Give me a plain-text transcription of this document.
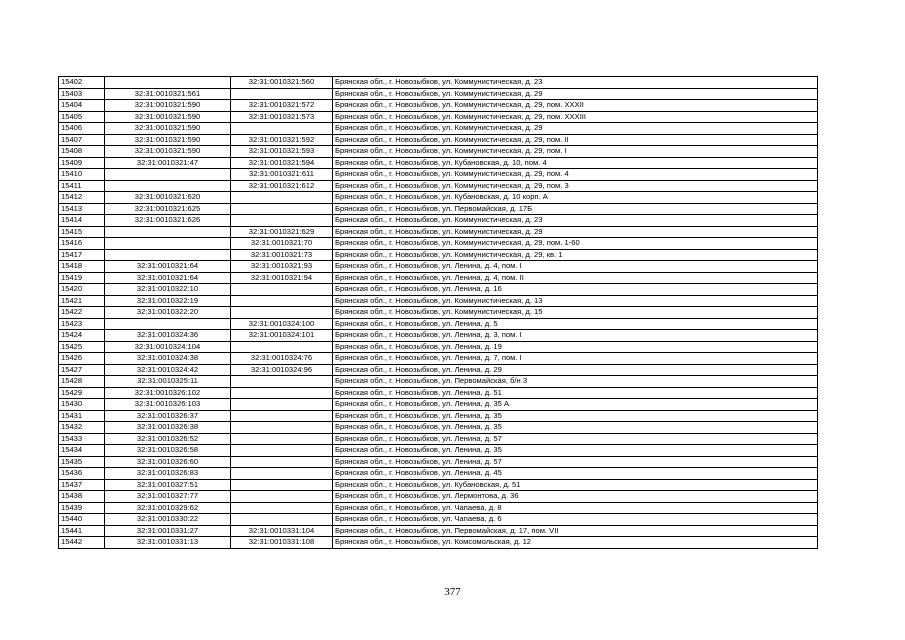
15402		32:31:0010321:560	Брянская обл., г. Новозыбков, ул. Коммунистическая, д. 23
15403	32:31:0010321:561		Брянская обл., г. Новозыбков, ул. Коммунистическая, д. 29
15404	32:31:0010321:590	32:31:0010321:572	Брянская обл., г. Новозыбков, ул. Коммунистическая, д. 29, пом. XXXII
15405	32:31:0010321:590	32:31:0010321:573	Брянская обл., г. Новозыбков, ул. Коммунистическая, д. 29, пом. XXXIII
15406	32:31:0010321:590		Брянская обл., г. Новозыбков, ул. Коммунистическая, д. 29
15407	32:31:0010321:590	32:31:0010321:592	Брянская обл., г. Новозыбков, ул. Коммунистическая, д. 29, пом. II
15408	32:31:0010321:590	32:31:0010321:593	Брянская обл., г. Новозыбков, ул. Коммунистическая, д. 29, пом. I
15409	32:31:0010321:47	32:31:0010321:594	Брянская обл., г. Новозыбков, ул. Кубановская, д. 10, пом. 4
15410		32:31:0010321:611	Брянская обл., г. Новозыбков, ул. Коммунистическая, д. 29, пом. 4
15411		32:31:0010321:612	Брянская обл., г. Новозыбков, ул. Коммунистическая, д. 29, пом. 3
15412	32:31:0010321:620		Брянская обл., г. Новозыбков, ул. Кубановская, д. 10 корп. А
15413	32:31:0010321:625		Брянская обл., г. Новозыбков, ул. Первомайская, д. 17Б
15414	32:31:0010321:626		Брянская обл., г. Новозыбков, ул. Коммунистическая, д. 23
15415		32:31:0010321:629	Брянская обл., г. Новозыбков, ул. Коммунистическая, д. 29
15416		32:31:0010321:70	Брянская обл., г. Новозыбков, ул. Коммунистическая, д. 29, пом. 1-60
15417		32:31:0010321:73	Брянская обл., г. Новозыбков, ул. Коммунистическая, д. 29, кв. 1
15418	32:31:0010321:64	32:31:0010321:93	Брянская обл., г. Новозыбков, ул. Ленина, д. 4, пом. I
15419	32:31:0010321:64	32:31:0010321:94	Брянская обл., г. Новозыбков, ул. Ленина, д. 4, пом. II
15420	32:31:0010322:10		Брянская обл., г. Новозыбков, ул. Ленина, д. 16
15421	32:31:0010322:19		Брянская обл., г. Новозыбков, ул. Коммунистическая, д. 13
15422	32:31:0010322:20		Брянская обл., г. Новозыбков, ул. Коммунистическая, д. 15
15423		32:31:0010324:100	Брянская обл., г. Новозыбков, ул. Ленина, д. 5
15424	32:31:0010324:36	32:31:0010324:101	Брянская обл., г. Новозыбков, ул. Ленина, д. 3, пом. I
15425	32:31:0010324:104		Брянская обл., г. Новозыбков, ул. Ленина, д. 19
15426	32:31:0010324:38	32:31:0010324:76	Брянская обл., г. Новозыбков, ул. Ленина, д. 7, пом. I
15427	32:31:0010324:42	32:31:0010324:96	Брянская обл., г. Новозыбков, ул. Ленина, д. 29
15428	32:31:0010325:11		Брянская обл., г. Новозыбков, ул. Первомайская, б/н 3
15429	32:31:0010326:102		Брянская обл., г. Новозыбков, ул. Ленина, д. 51
15430	32:31:0010326:103		Брянская обл., г. Новозыбков, ул. Ленина, д. 35 А
15431	32:31:0010326:37		Брянская обл., г. Новозыбков, ул. Ленина, д. 35
15432	32:31:0010326:38		Брянская обл., г. Новозыбков, ул. Ленина, д. 35
15433	32:31:0010326:52		Брянская обл., г. Новозыбков, ул. Ленина, д. 57
15434	32:31:0010326:58		Брянская обл., г. Новозыбков, ул. Ленина, д. 35
15435	32:31:0010326:60		Брянская обл., г. Новозыбков, ул. Ленина, д. 57
15436	32:31:0010326:83		Брянская обл., г. Новозыбков, ул. Ленина, д. 45
15437	32:31:0010327:51		Брянская обл., г. Новозыбков, ул. Кубановская, д. 51
15438	32:31:0010327:77		Брянская обл., г. Новозыбков, ул. Лермонтова, д. 36
15439	32:31:0010329:62		Брянская обл., г. Новозыбков, ул. Чапаева, д. 8
15440	32:31:0010330:22		Брянская обл., г. Новозыбков, ул. Чапаева, д. 6
15441	32:31:0010331:27	32:31:0010331:104	Брянская обл., г. Новозыбков, ул. Первомайская, д. 17, пом. VII
15442	32:31:0010331:13	32:31:0010331:108	Брянская обл., г. Новозыбков, ул. Комсомольская, д. 12
377
